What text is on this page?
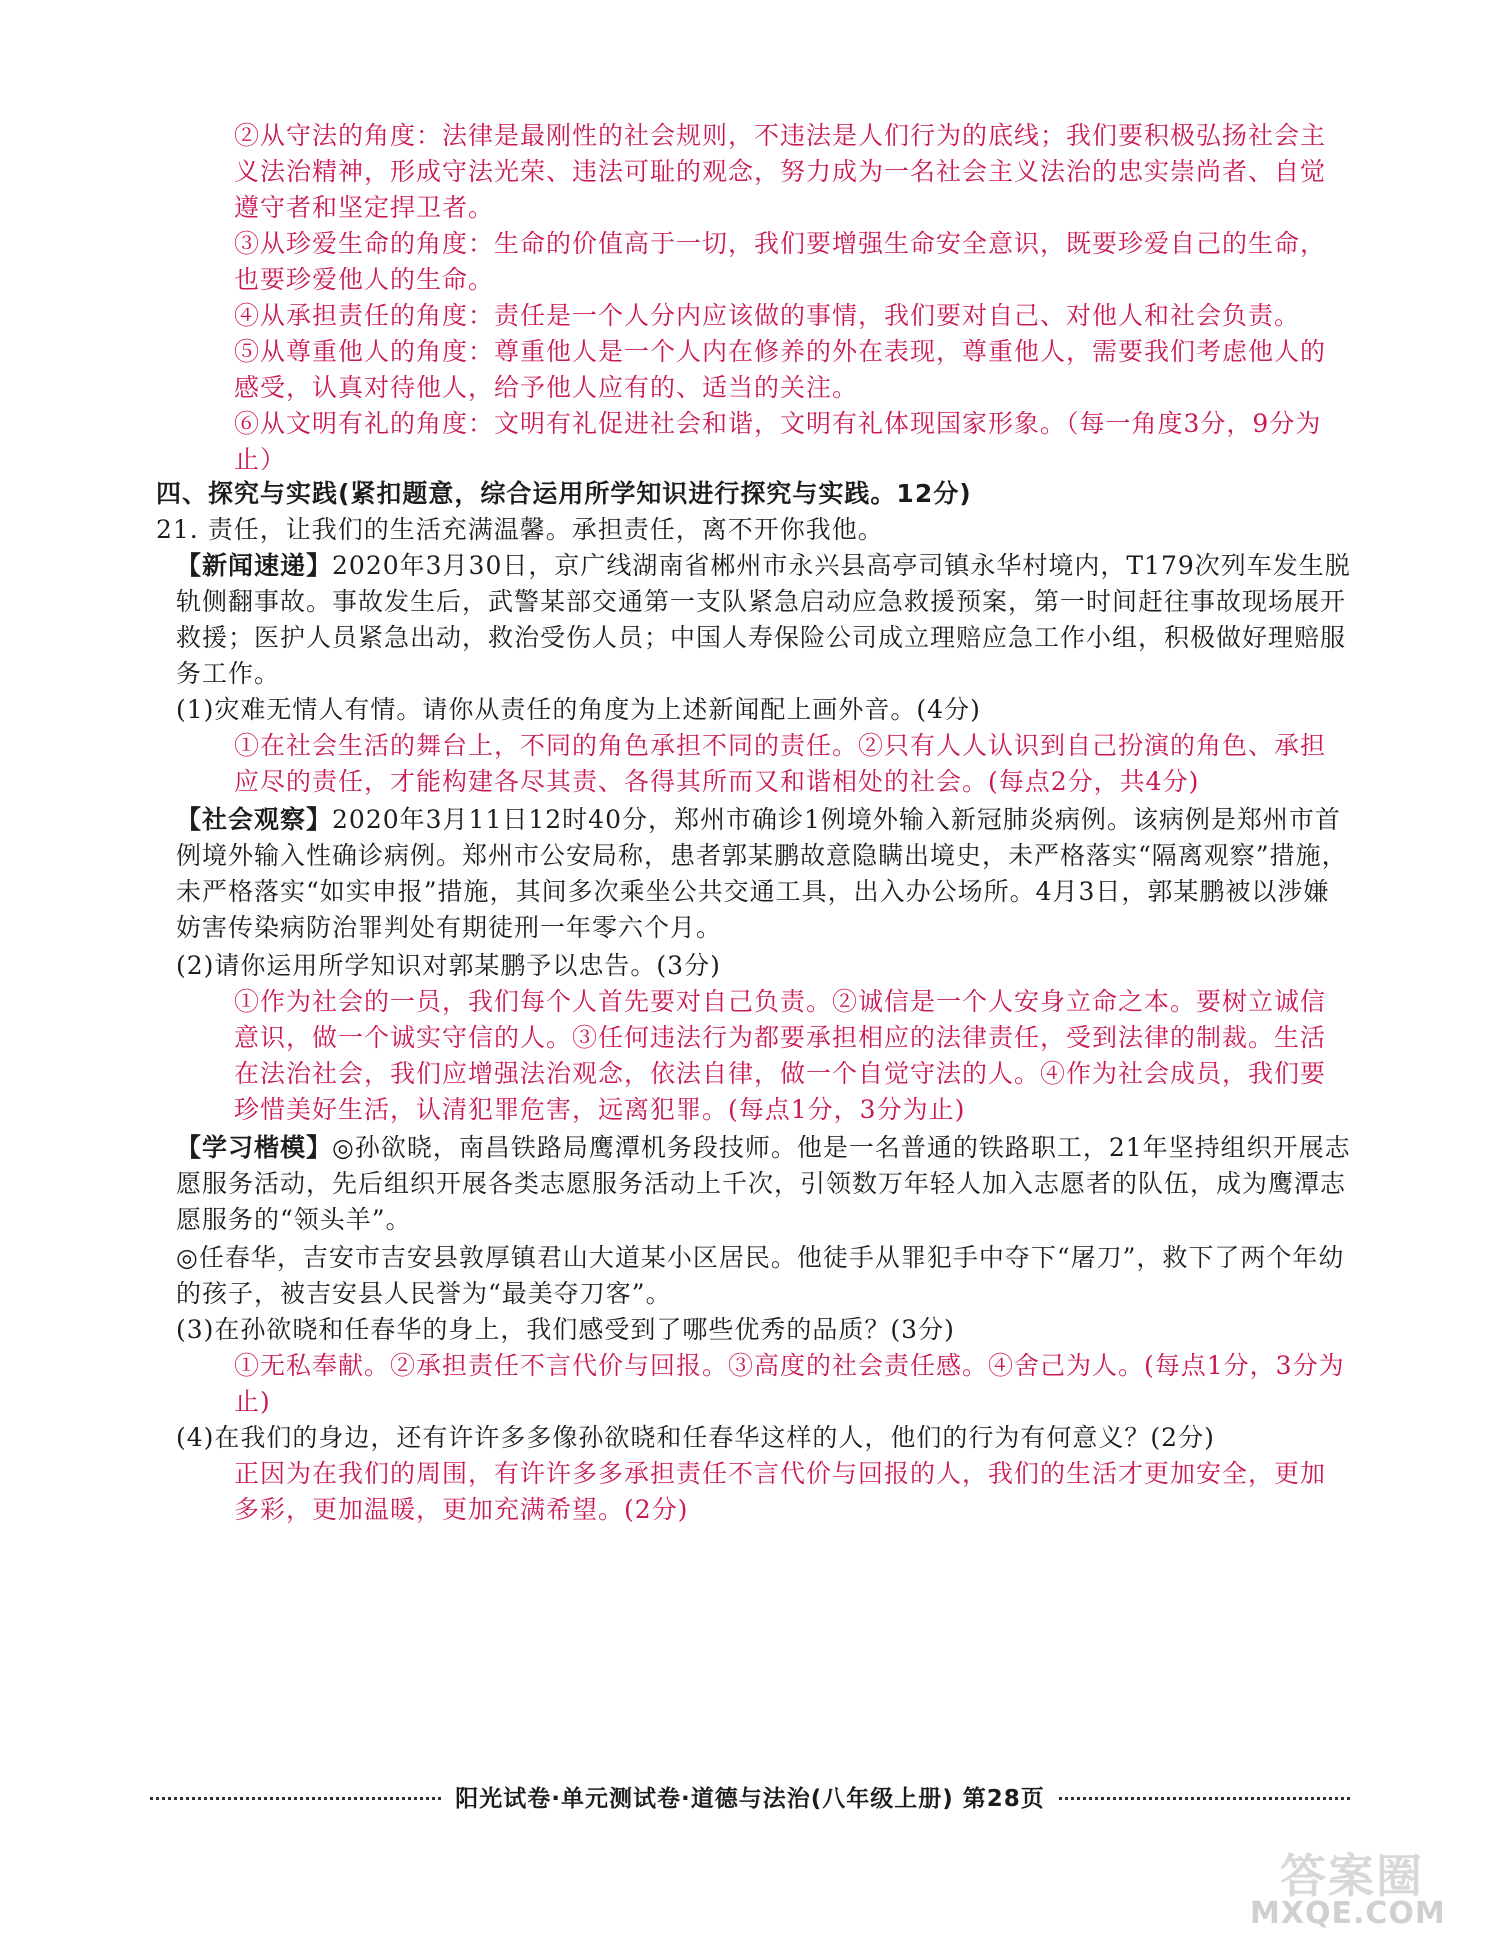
②从守法的角度：法律是最刚性的社会规则，不违法是人们行为的底线；我们要积极弘扬社会主义法治精神，形成守法光荣、违法可耻的观念，努力成为一名社会主义法治的忠实崇尚者、自觉遵守者和坚定捍卫者。
③从珍爱生命的角度：生命的价值高于一切，我们要增强生命安全意识，既要珍爱自己的生命，也要珍爱他人的生命。
④从承担责任的角度：责任是一个人分内应该做的事情，我们要对自己、对他人和社会负责。
⑤从尊重他人的角度：尊重他人是一个人内在修养的外在表现，尊重他人，需要我们考虑他人的感受，认真对待他人，给予他人应有的、适当的关注。
⑥从文明有礼的角度：文明有礼促进社会和谐，文明有礼体现国家形象。（每一角度3分，9分为止）
四、探究与实践(紧扣题意，综合运用所学知识进行探究与实践。12分)
21. 责任，让我们的生活充满温馨。承担责任，离不开你我他。
【新闻速递】2020年3月30日，京广线湖南省郴州市永兴县高亭司镇永华村境内，T179次列车发生脱轨侧翻事故。事故发生后，武警某部交通第一支队紧急启动应急救援预案，第一时间赶往事故现场展开救援；医护人员紧急出动，救治受伤人员；中国人寿保险公司成立理赔应急工作小组，积极做好理赔服务工作。
(1)灾难无情人有情。请你从责任的角度为上述新闻配上画外音。(4分)
①在社会生活的舞台上，不同的角色承担不同的责任。②只有人人认识到自己扮演的角色、承担应尽的责任，才能构建各尽其责、各得其所而又和谐相处的社会。(每点2分，共4分)
【社会观察】2020年3月11日12时40分，郑州市确诊1例境外输入新冠肺炎病例。该病例是郑州市首例境外输入性确诊病例。郑州市公安局称，患者郭某鹏故意隐瞒出境史，未严格落实“隔离观察”措施，未严格落实“如实申报”措施，其间多次乘坐公共交通工具，出入办公场所。4月3日，郭某鹏被以涉嫌妨害传染病防治罪判处有期徒刑一年零六个月。
(2)请你运用所学知识对郭某鹏予以忠告。(3分)
①作为社会的一员，我们每个人首先要对自己负责。②诚信是一个人安身立命之本。要树立诚信意识，做一个诚实守信的人。③任何违法行为都要承担相应的法律责任，受到法律的制裁。生活在法治社会，我们应增强法治观念，依法自律，做一个自觉守法的人。④作为社会成员，我们要珍惜美好生活，认清犯罪危害，远离犯罪。(每点1分，3分为止)
【学习楷模】◎孙欲晓，南昌铁路局鹰潭机务段技师。他是一名普通的铁路职工，21年坚持组织开展志愿服务活动，先后组织开展各类志愿服务活动上千次，引领数万年轻人加入志愿者的队伍，成为鹰潭志愿服务的“领头羊”。
◎任春华，吉安市吉安县敦厚镇君山大道某小区居民。他徒手从罪犯手中夺下“屠刀”，救下了两个年幼的孩子，被吉安县人民誉为“最美夺刀客”。
(3)在孙欲晓和任春华的身上，我们感受到了哪些优秀的品质？(3分)
①无私奉献。②承担责任不言代价与回报。③高度的社会责任感。④舍己为人。(每点1分，3分为止)
(4)在我们的身边，还有许许多多像孙欲晓和任春华这样的人，他们的行为有何意义？(2分)
正因为在我们的周围，有许许多多承担责任不言代价与回报的人，我们的生活才更加安全，更加多彩，更加温暖，更加充满希望。(2分)
阳光试卷·单元测试卷·道德与法治(八年级上册) 第28页
答案圈
MXQE.COM
